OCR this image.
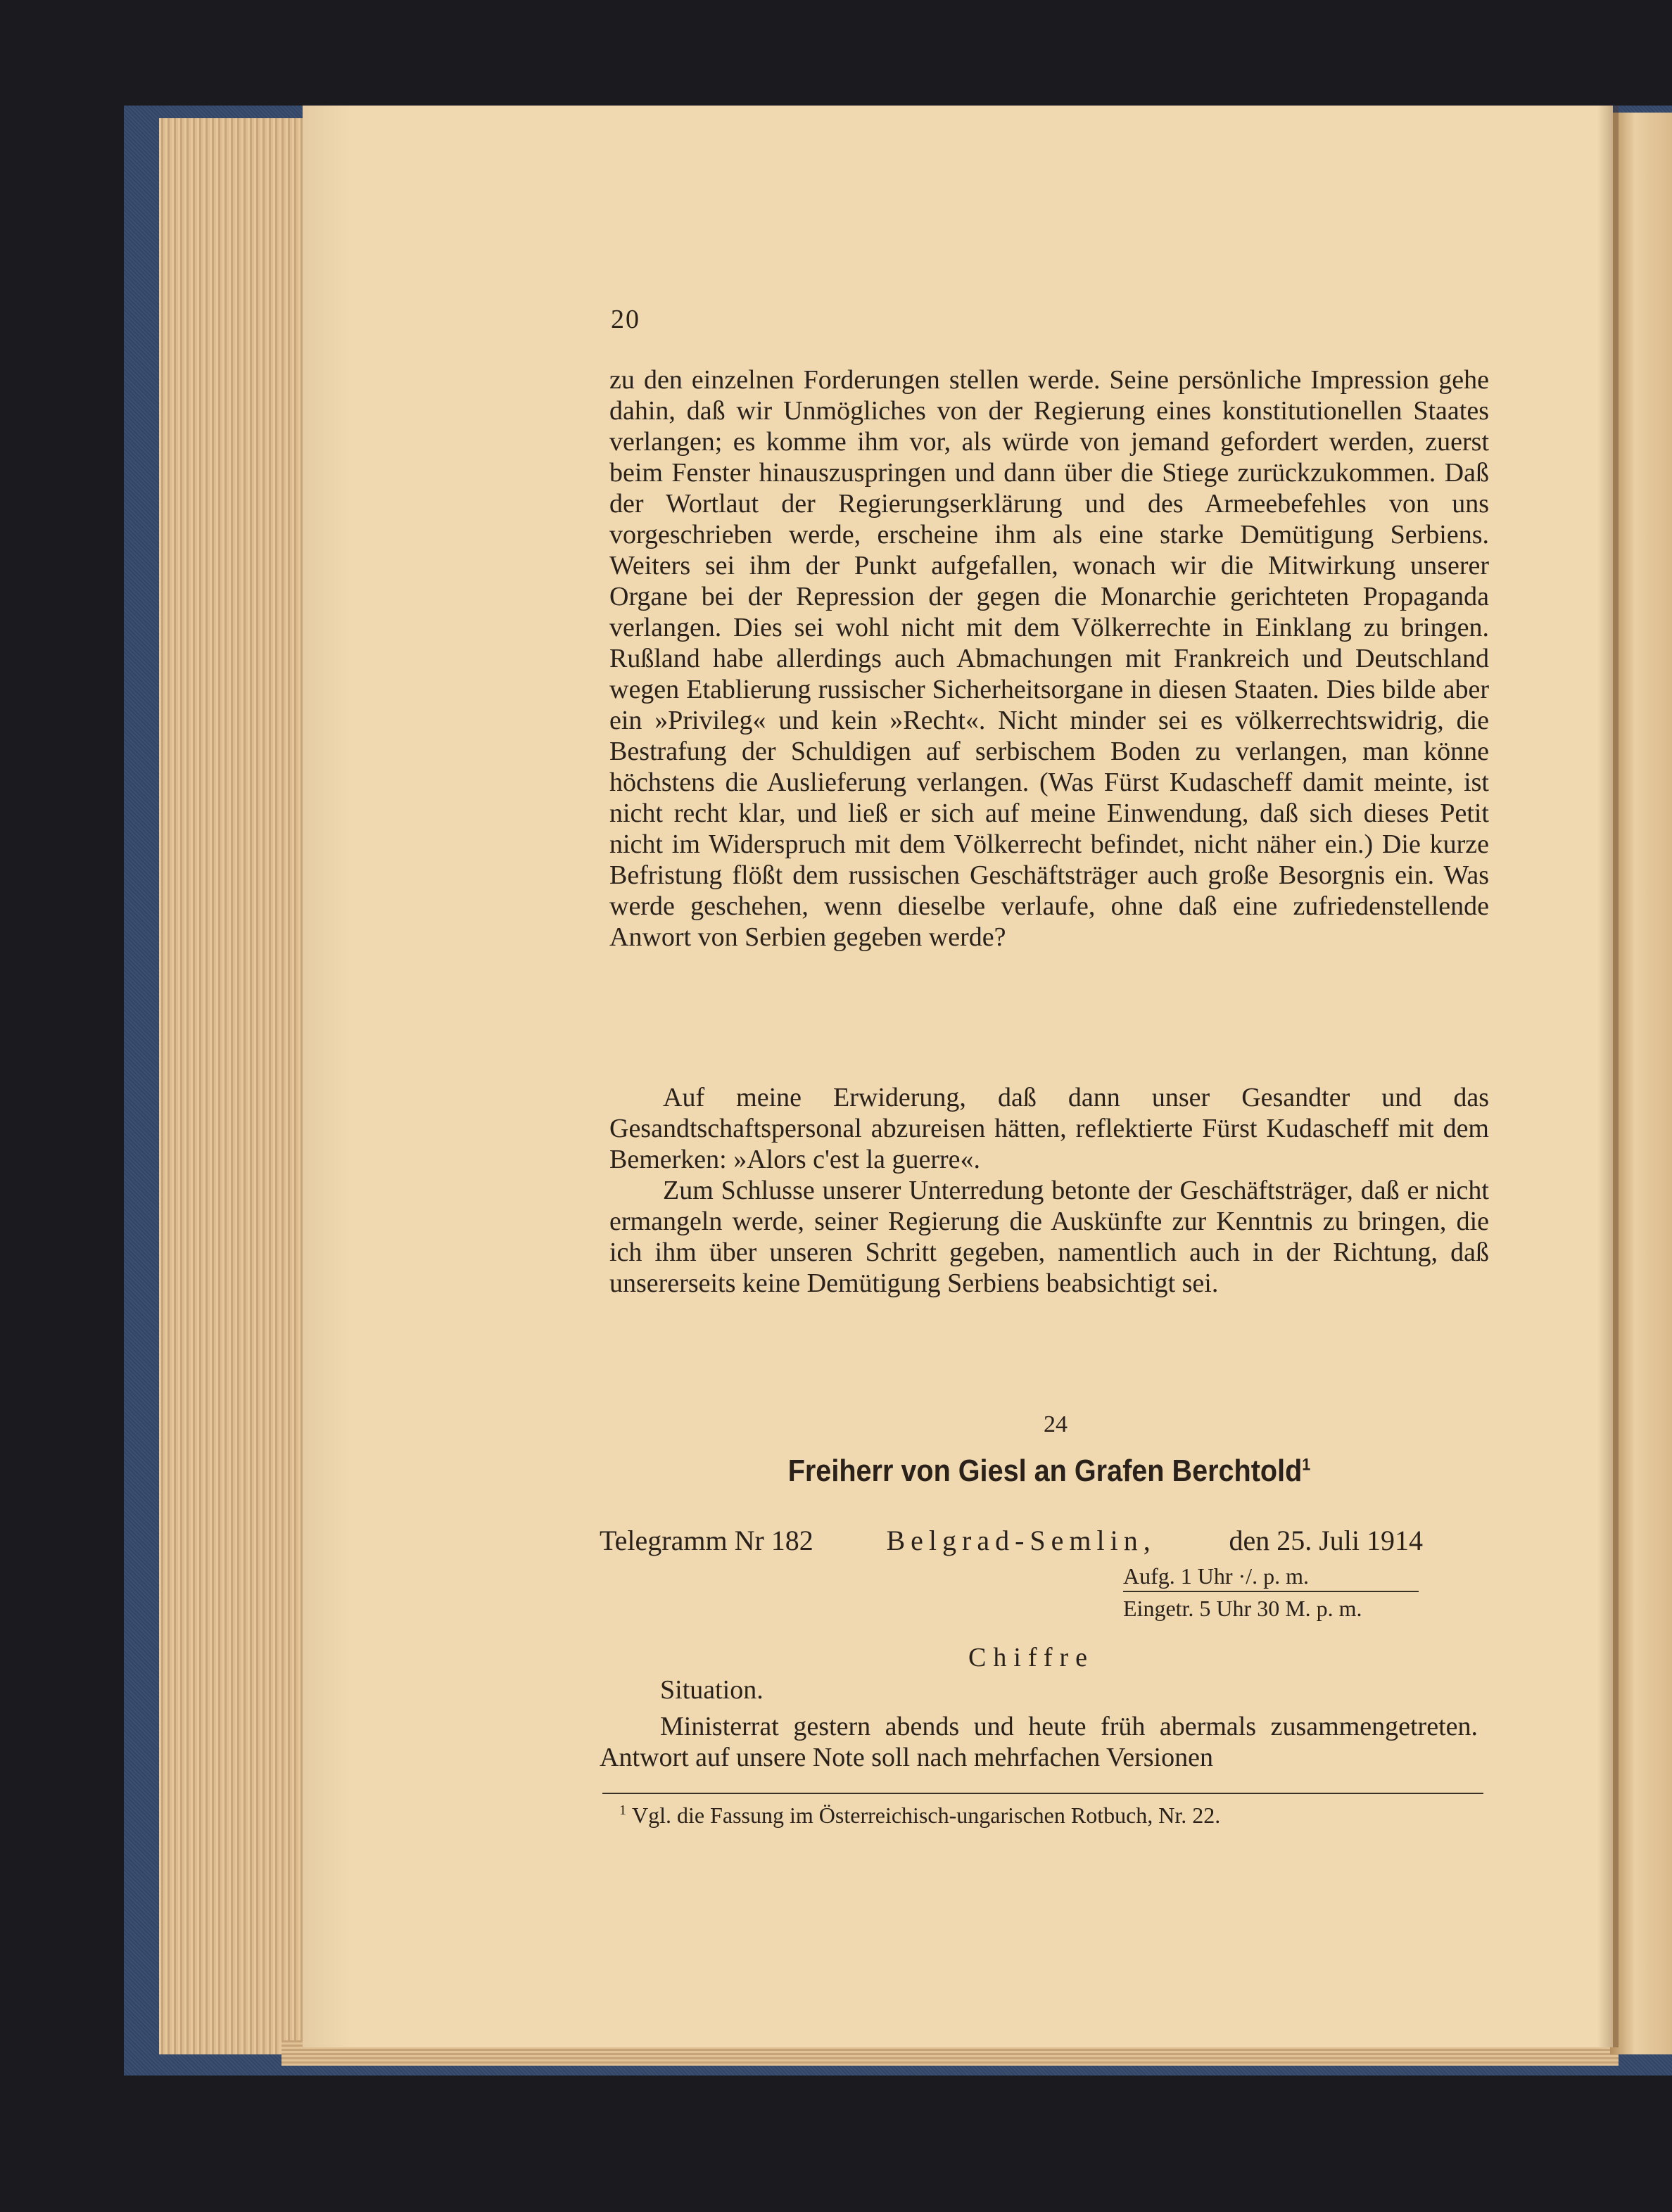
20

zu den einzelnen Forderungen stellen werde. Seine persönliche Impression gehe dahin, daß wir Unmögliches von der Regierung eines konstitutionellen Staates verlangen; es komme ihm vor, als würde von jemand gefordert werden, zuerst beim Fenster hinauszuspringen und dann über die Stiege zurückzukommen. Daß der Wortlaut der Regierungserklärung und des Armeebefehles von uns vorgeschrieben werde, erscheine ihm als eine starke Demütigung Serbiens. Weiters sei ihm der Punkt aufgefallen, wonach wir die Mitwirkung unserer Organe bei der Repression der gegen die Monarchie gerichteten Propaganda verlangen. Dies sei wohl nicht mit dem Völkerrechte in Einklang zu bringen. Rußland habe allerdings auch Abmachungen mit Frankreich und Deutschland wegen Etablierung russischer Sicherheitsorgane in diesen Staaten. Dies bilde aber ein »Privileg« und kein »Recht«. Nicht minder sei es völkerrechtswidrig, die Bestrafung der Schuldigen auf serbischem Boden zu verlangen, man könne höchstens die Auslieferung verlangen. (Was Fürst Kudascheff damit meinte, ist nicht recht klar, und ließ er sich auf meine Einwendung, daß sich dieses Petit nicht im Widerspruch mit dem Völkerrecht befindet, nicht näher ein.) Die kurze Befristung flößt dem russischen Geschäftsträger auch große Besorgnis ein. Was werde geschehen, wenn dieselbe verlaufe, ohne daß eine zufriedenstellende Anwort von Serbien gegeben werde?

Auf meine Erwiderung, daß dann unser Gesandter und das Gesandtschaftspersonal abzureisen hätten, reflektierte Fürst Kudascheff mit dem Bemerken: »Alors c'est la guerre«.

Zum Schlusse unserer Unterredung betonte der Geschäftsträger, daß er nicht ermangeln werde, seiner Regierung die Auskünfte zur Kenntnis zu bringen, die ich ihm über unseren Schritt gegeben, namentlich auch in der Richtung, daß unsererseits keine Demütigung Serbiens beabsichtigt sei.

24
Freiherr von Giesl an Grafen Berchtold$^1$
Telegramm Nr 182	Belgrad-Semlin,	den 25. Juli 1914
Aufg. 1 Uhr ·/. p. m.
Eingetr. 5 Uhr 30 M. p. m.
Chiffre
Situation.

Ministerrat gestern abends und heute früh abermals zusammengetreten. Antwort auf unsere Note soll nach mehrfachen Versionen

$^1$ Vgl. die Fassung im Österreichisch-ungarischen Rotbuch, Nr. 22.
